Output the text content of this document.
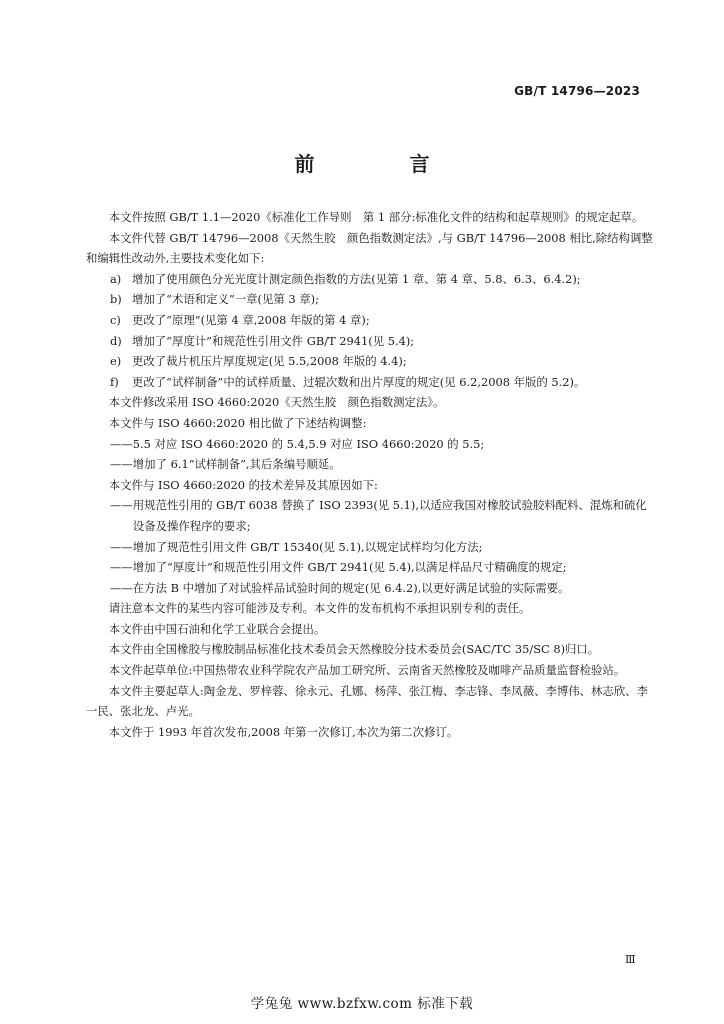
GB/T 14796—2023
前 言

本文件按照 GB/T 1.1—2020《标准化工作导则　第 1 部分:标准化文件的结构和起草规则》的规定起草。

本文件代替 GB/T 14796—2008《天然生胶　颜色指数测定法》,与 GB/T 14796—2008 相比,除结构调整和编辑性改动外,主要技术变化如下:

a) 增加了使用颜色分光光度计测定颜色指数的方法(见第 1 章、第 4 章、5.8、6.3、6.4.2);

b) 增加了“术语和定义”一章(见第 3 章);

c) 更改了“原理”(见第 4 章,2008 年版的第 4 章);

d) 增加了“厚度计”和规范性引用文件 GB/T 2941(见 5.4);

e) 更改了裁片机压片厚度规定(见 5.5,2008 年版的 4.4);

f)	更改了“试样制备”中的试样质量、过辊次数和出片厚度的规定(见 6.2,2008 年版的 5.2)。

本文件修改采用 ISO 4660:2020《天然生胶　颜色指数测定法》。

本文件与 ISO 4660:2020 相比做了下述结构调整:

——5.5 对应 ISO 4660:2020 的 5.4,5.9 对应 ISO 4660:2020 的 5.5;

——增加了 6.1“试样制备”,其后条编号顺延。

本文件与 ISO 4660:2020 的技术差异及其原因如下:

——用规范性引用的 GB/T 6038 替换了 ISO 2393(见 5.1),以适应我国对橡胶试验胶料配料、混炼和硫化设备及操作程序的要求;

——增加了规范性引用文件 GB/T 15340(见 5.1),以规定试样均匀化方法;

——增加了“厚度计”和规范性引用文件 GB/T 2941(见 5.4),以满足样品尺寸精确度的规定;

——在方法 B 中增加了对试验样品试验时间的规定(见 6.4.2),以更好满足试验的实际需要。

请注意本文件的某些内容可能涉及专利。本文件的发布机构不承担识别专利的责任。

本文件由中国石油和化学工业联合会提出。

本文件由全国橡胶与橡胶制品标准化技术委员会天然橡胶分技术委员会(SAC/TC 35/SC 8)归口。

本文件起草单位:中国热带农业科学院农产品加工研究所、云南省天然橡胶及咖啡产品质量监督检验站。

本文件主要起草人:陶金龙、罗梓蓉、徐永元、孔娜、杨萍、张江梅、李志锋、李凤薇、李博伟、林志欣、李一民、张北龙、卢光。

本文件于 1993 年首次发布,2008 年第一次修订,本次为第二次修订。

Ⅲ
学兔兔 www.bzfxw.com 标准下载
